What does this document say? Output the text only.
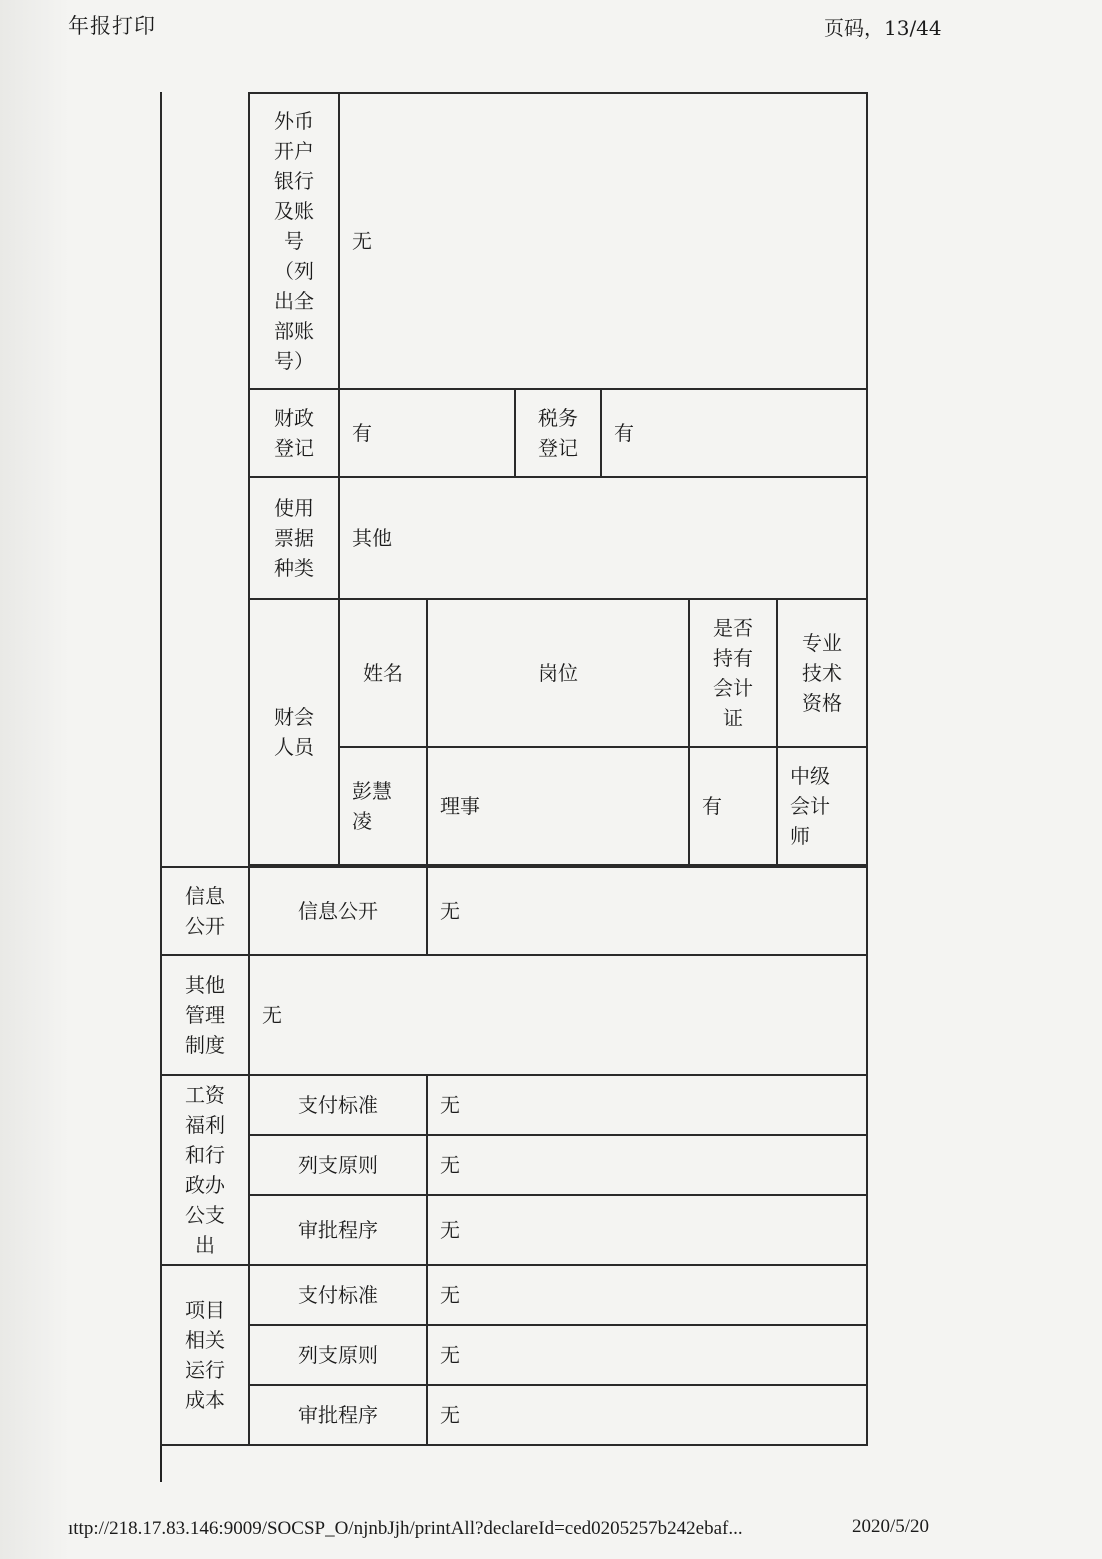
年报打印	页码，13/44

	外币开户银行及账号（列出全部账号）	无					

	财政登记	有		税务登记	有		

	使用票据种类	其他					

	财会人员	姓名	岗位			是否持有会计证	专业技术资格

		彭慧凌	理事			有	中级会计师

信息公开	信息公开		无				

其他管理制度	无						

工资福利和行政办公支出	支付标准		无				

	列支原则		无				

	审批程序		无				

项目相关运行成本	支付标准		无				

	列支原则		无				

	审批程序		无				
ıttp://218.17.83.146:9009/SOCSP_O/njnbJjh/printAll?declareId=ced0205257b242ebaf...	2020/5/20
